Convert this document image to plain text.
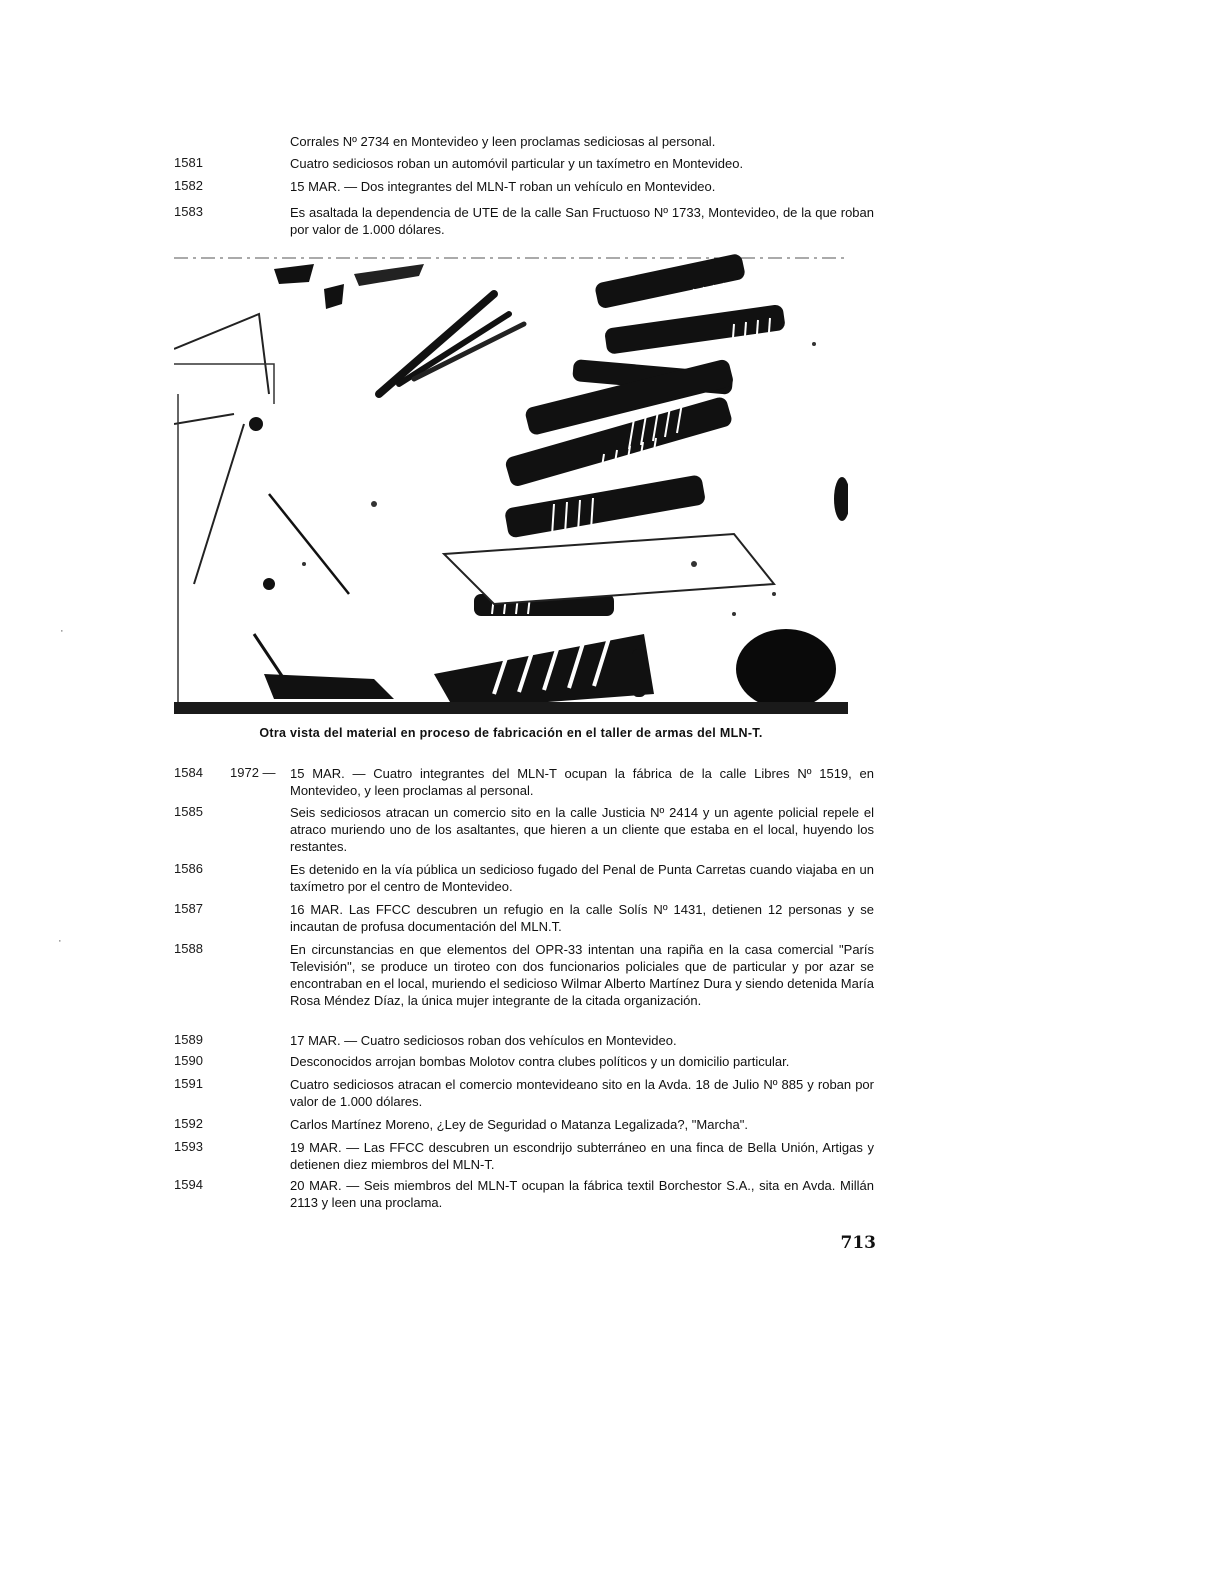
Corrales Nº 2734 en Montevideo y leen proclamas sediciosas al personal.
1581	Cuatro sediciosos roban un automóvil particular y un taxímetro en Montevideo.
1582	15 MAR. — Dos integrantes del MLN-T roban un vehículo en Montevideo.
1583	Es asaltada la dependencia de UTE de la calle San Fructuoso Nº 1733, Montevideo, de la que roban por valor de 1.000 dólares.
Otra vista del material en proceso de fabricación en el taller de armas del MLN-T.
1584	1972 —	15 MAR. — Cuatro integrantes del MLN-T ocupan la fábrica de la calle Libres Nº 1519, en Montevideo, y leen proclamas al personal.
1585	Seis sediciosos atracan un comercio sito en la calle Justicia Nº 2414 y un agente policial repele el atraco muriendo uno de los asaltantes, que hieren a un cliente que estaba en el local, huyendo los restantes.
1586	Es detenido en la vía pública un sedicioso fugado del Penal de Punta Carretas cuando viajaba en un taxímetro por el centro de Montevideo.
1587	16 MAR. Las FFCC descubren un refugio en la calle Solís Nº 1431, detienen 12 personas y se incautan de profusa documentación del MLN.T.
1588	En circunstancias en que elementos del OPR-33 intentan una rapiña en la casa comercial "París Televisión", se produce un tiroteo con dos funcionarios policiales que de particular y por azar se encontraban en el local, muriendo el sedicioso Wilmar Alberto Martínez Dura y siendo detenida María Rosa Méndez Díaz, la única mujer integrante de la citada organización.
1589	17 MAR. — Cuatro sediciosos roban dos vehículos en Montevideo.
1590	Desconocidos arrojan bombas Molotov contra clubes políticos y un domicilio particular.
1591	Cuatro sediciosos atracan el comercio montevideano sito en la Avda. 18 de Julio Nº 885 y roban por valor de 1.000 dólares.
1592	Carlos Martínez Moreno, ¿Ley de Seguridad o Matanza Legalizada?, "Marcha".
1593	19 MAR. — Las FFCC descubren un escondrijo subterráneo en una finca de Bella Unión, Artigas y detienen diez miembros del MLN-T.
1594	20 MAR. — Seis miembros del MLN-T ocupan la fábrica textil Borchestor S.A., sita en Avda. Millán 2113 y leen una proclama.
713
·
·
